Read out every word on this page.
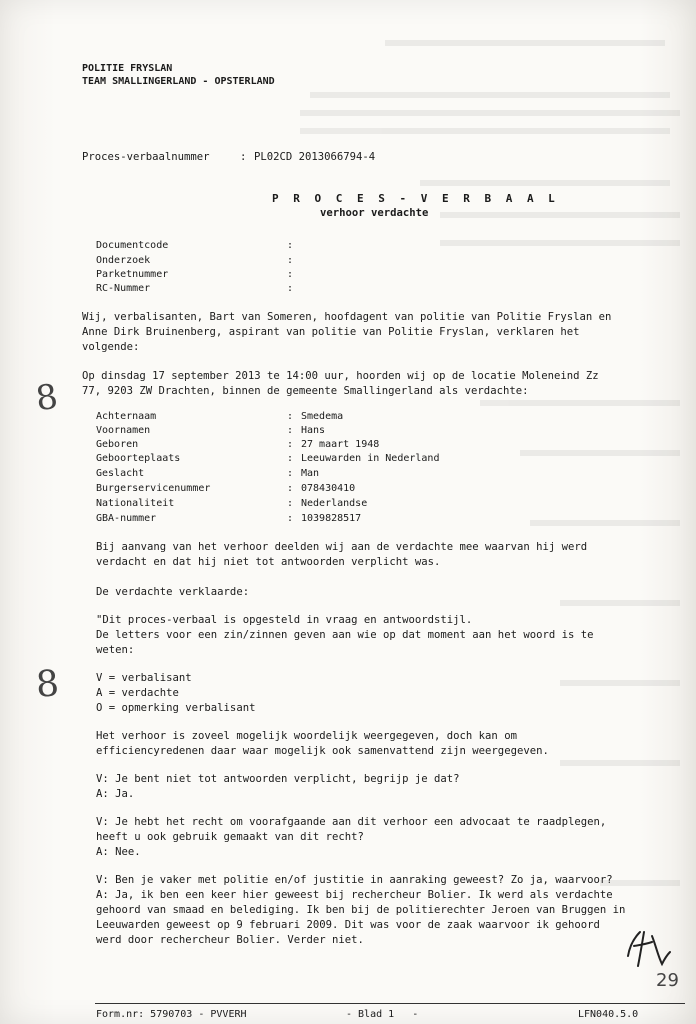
POLITIE FRYSLAN
TEAM SMALLINGERLAND - OPSTERLAND
Proces-verbaalnummer	: PL02CD 2013066794-4
P R O C E S - V E R B A A L
verhoor verdachte
Documentcode	:
Onderzoek	:
Parketnummer	:
RC-Nummer	:
Wij, verbalisanten, Bart van Someren, hoofdagent van politie van Politie Fryslan en
Anne Dirk Bruinenberg, aspirant van politie van Politie Fryslan, verklaren het
volgende:
Op dinsdag 17 september 2013 te 14:00 uur, hoorden wij op de locatie Moleneind Zz
77, 9203 ZW Drachten, binnen de gemeente Smallingerland als verdachte:
Achternaam	: Smedema
Voornamen	: Hans
Geboren	: 27 maart 1948
Geboorteplaats	: Leeuwarden in Nederland
Geslacht	: Man
Burgerservicenummer	: 078430410
Nationaliteit	: Nederlandse
GBA-nummer	: 1039828517
Bij aanvang van het verhoor deelden wij aan de verdachte mee waarvan hij werd
verdacht en dat hij niet tot antwoorden verplicht was.
De verdachte verklaarde:
"Dit proces-verbaal is opgesteld in vraag en antwoordstijl.
De letters voor een zin/zinnen geven aan wie op dat moment aan het woord is te
weten:
V = verbalisant
A = verdachte
O = opmerking verbalisant
Het verhoor is zoveel mogelijk woordelijk weergegeven, doch kan om
efficiencyredenen daar waar mogelijk ook samenvattend zijn weergegeven.
V: Je bent niet tot antwoorden verplicht, begrijp je dat?
A: Ja.
V: Je hebt het recht om voorafgaande aan dit verhoor een advocaat te raadplegen,
heeft u ook gebruik gemaakt van dit recht?
A: Nee.
V: Ben je vaker met politie en/of justitie in aanraking geweest? Zo ja, waarvoor?
A: Ja, ik ben een keer hier geweest bij rechercheur Bolier. Ik werd als verdachte
gehoord van smaad en belediging. Ik ben bij de politierechter Jeroen van Bruggen in
Leeuwarden geweest op 9 februari 2009. Dit was voor de zaak waarvoor ik gehoord
werd door rechercheur Bolier. Verder niet.
8
8
29
Form.nr: 5790703 - PVVERH	- Blad 1   -	LFN040.5.0
